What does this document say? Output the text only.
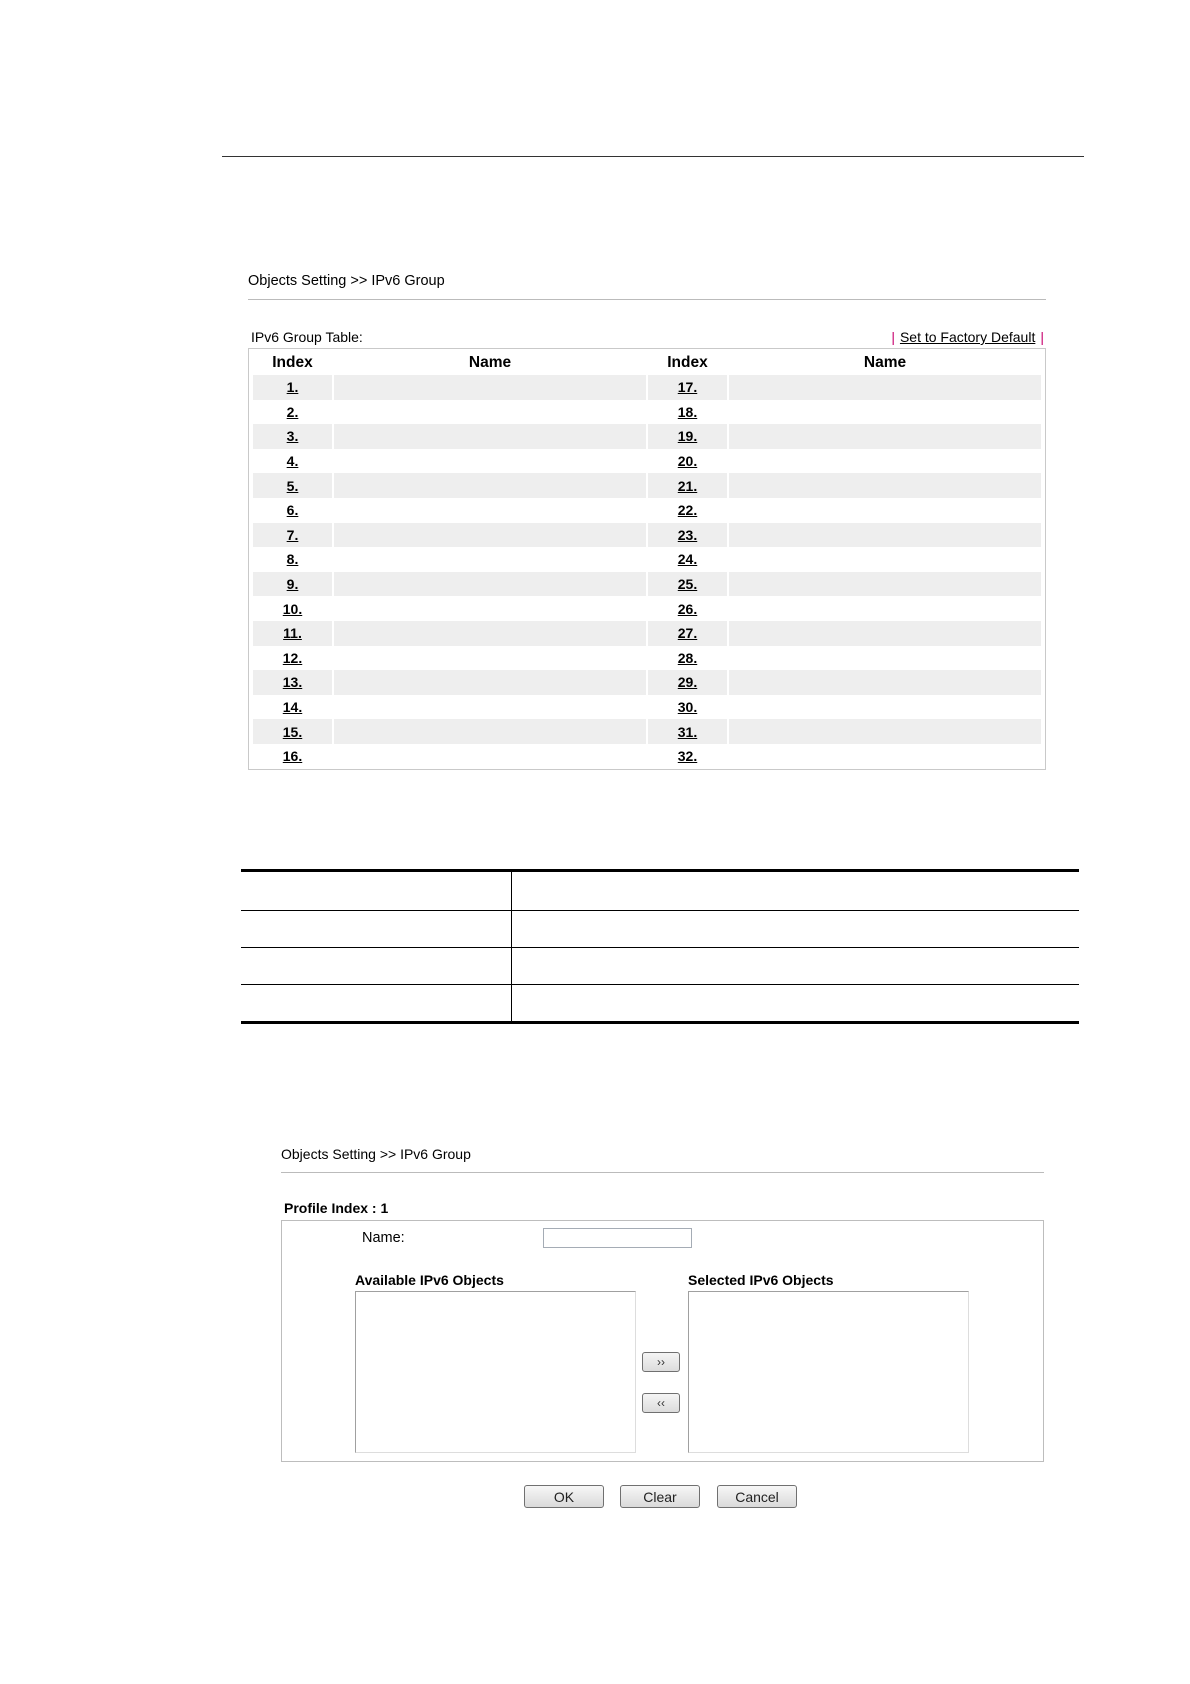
Objects Setting >> IPv6 Group
IPv6 Group Table:	| Set to Factory Default |
Index	Name	Index	Name
1.		17.	
2.		18.	
3.		19.	
4.		20.	
5.		21.	
6.		22.	
7.		23.	
8.		24.	
9.		25.	
10.		26.	
11.		27.	
12.		28.	
13.		29.	
14.		30.	
15.		31.	
16.		32.	

Objects Setting >> IPv6 Group
Profile Index : 1
Name:
Available IPv6 Objects	Selected IPv6 Objects
››
‹‹
OK	Clear	Cancel
